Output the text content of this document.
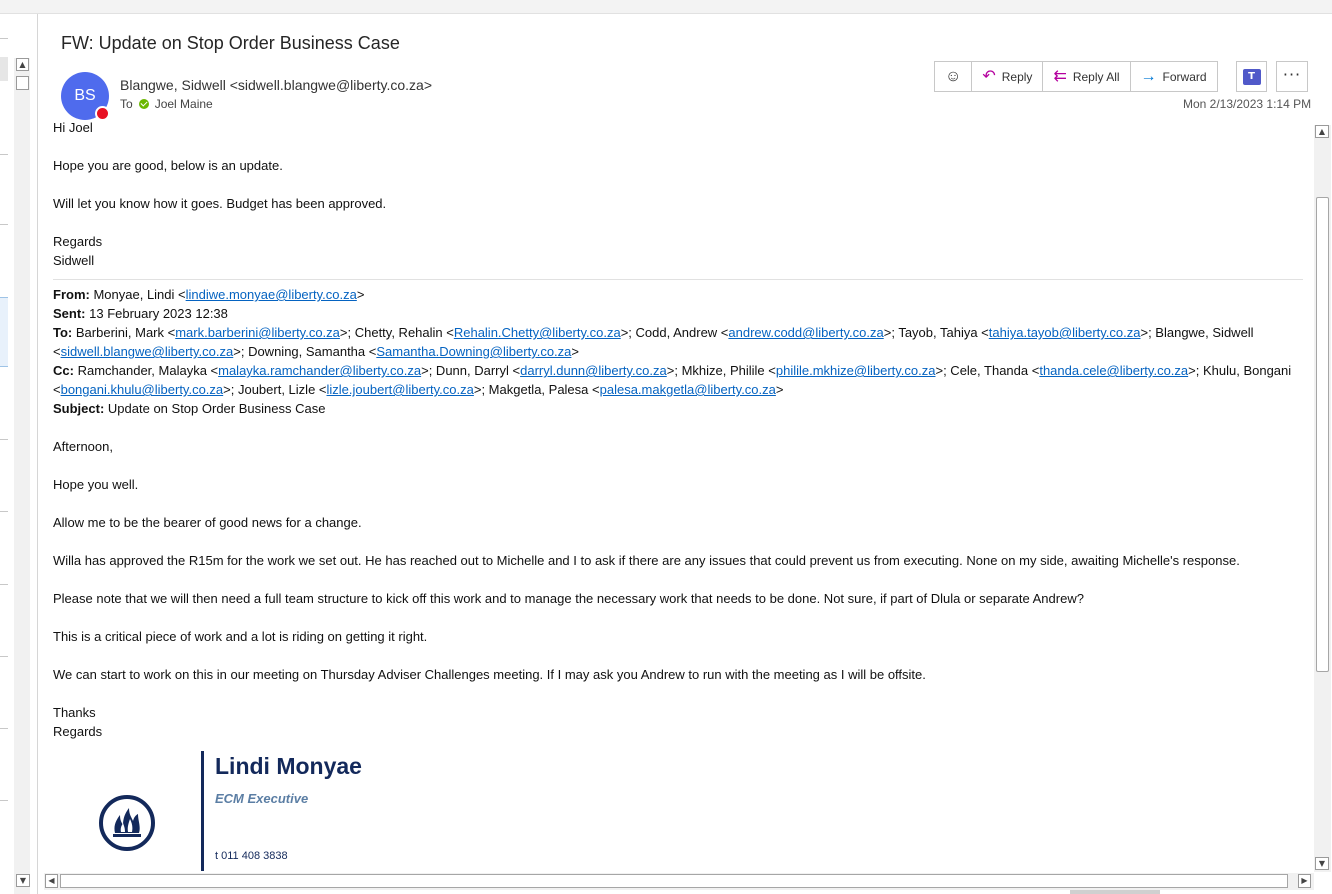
▲
▼
FW: Update on Stop Order Business Case
BS
Blangwe, Sidwell <sidwell.blangwe@liberty.co.za>
To Joel Maine
☺ ↶ Reply ⇇ Reply All → Forward	T	···
Mon 2/13/2023 1:14 PM

Hi Joel

Hope you are good, below is an update.

Will let you know how it goes. Budget has been approved.

Regards

Sidwell

From: Monyae, Lindi <lindiwe.monyae@liberty.co.za>

Sent: 13 February 2023 12:38

To: Barberini, Mark <mark.barberini@liberty.co.za>; Chetty, Rehalin <Rehalin.Chetty@liberty.co.za>; Codd, Andrew <andrew.codd@liberty.co.za>; Tayob, Tahiya <tahiya.tayob@liberty.co.za>; Blangwe, Sidwell <sidwell.blangwe@liberty.co.za>; Downing, Samantha <Samantha.Downing@liberty.co.za>

Cc: Ramchander, Malayka <malayka.ramchander@liberty.co.za>; Dunn, Darryl <darryl.dunn@liberty.co.za>; Mkhize, Philile <philile.mkhize@liberty.co.za>; Cele, Thanda <thanda.cele@liberty.co.za>; Khulu, Bongani <bongani.khulu@liberty.co.za>; Joubert, Lizle <lizle.joubert@liberty.co.za>; Makgetla, Palesa <palesa.makgetla@liberty.co.za>

Subject: Update on Stop Order Business Case

Afternoon,

Hope you well.

Allow me to be the bearer of good news for a change.

Willa has approved the R15m for the work we set out. He has reached out to Michelle and I to ask if there are any issues that could prevent us from executing. None on my side, awaiting Michelle's response.

Please note that we will then need a full team structure to kick off this work and to manage the necessary work that needs to be done. Not sure, if part of Dlula or separate Andrew?

This is a critical piece of work and a lot is riding on getting it right.

We can start to work on this in our meeting on Thursday Adviser Challenges meeting. If I may ask you Andrew to run with the meeting as I will be offsite.

Thanks

Regards

Lindi Monyae
ECM Executive
t 011 408 3838
▲
▼
◀	▶
